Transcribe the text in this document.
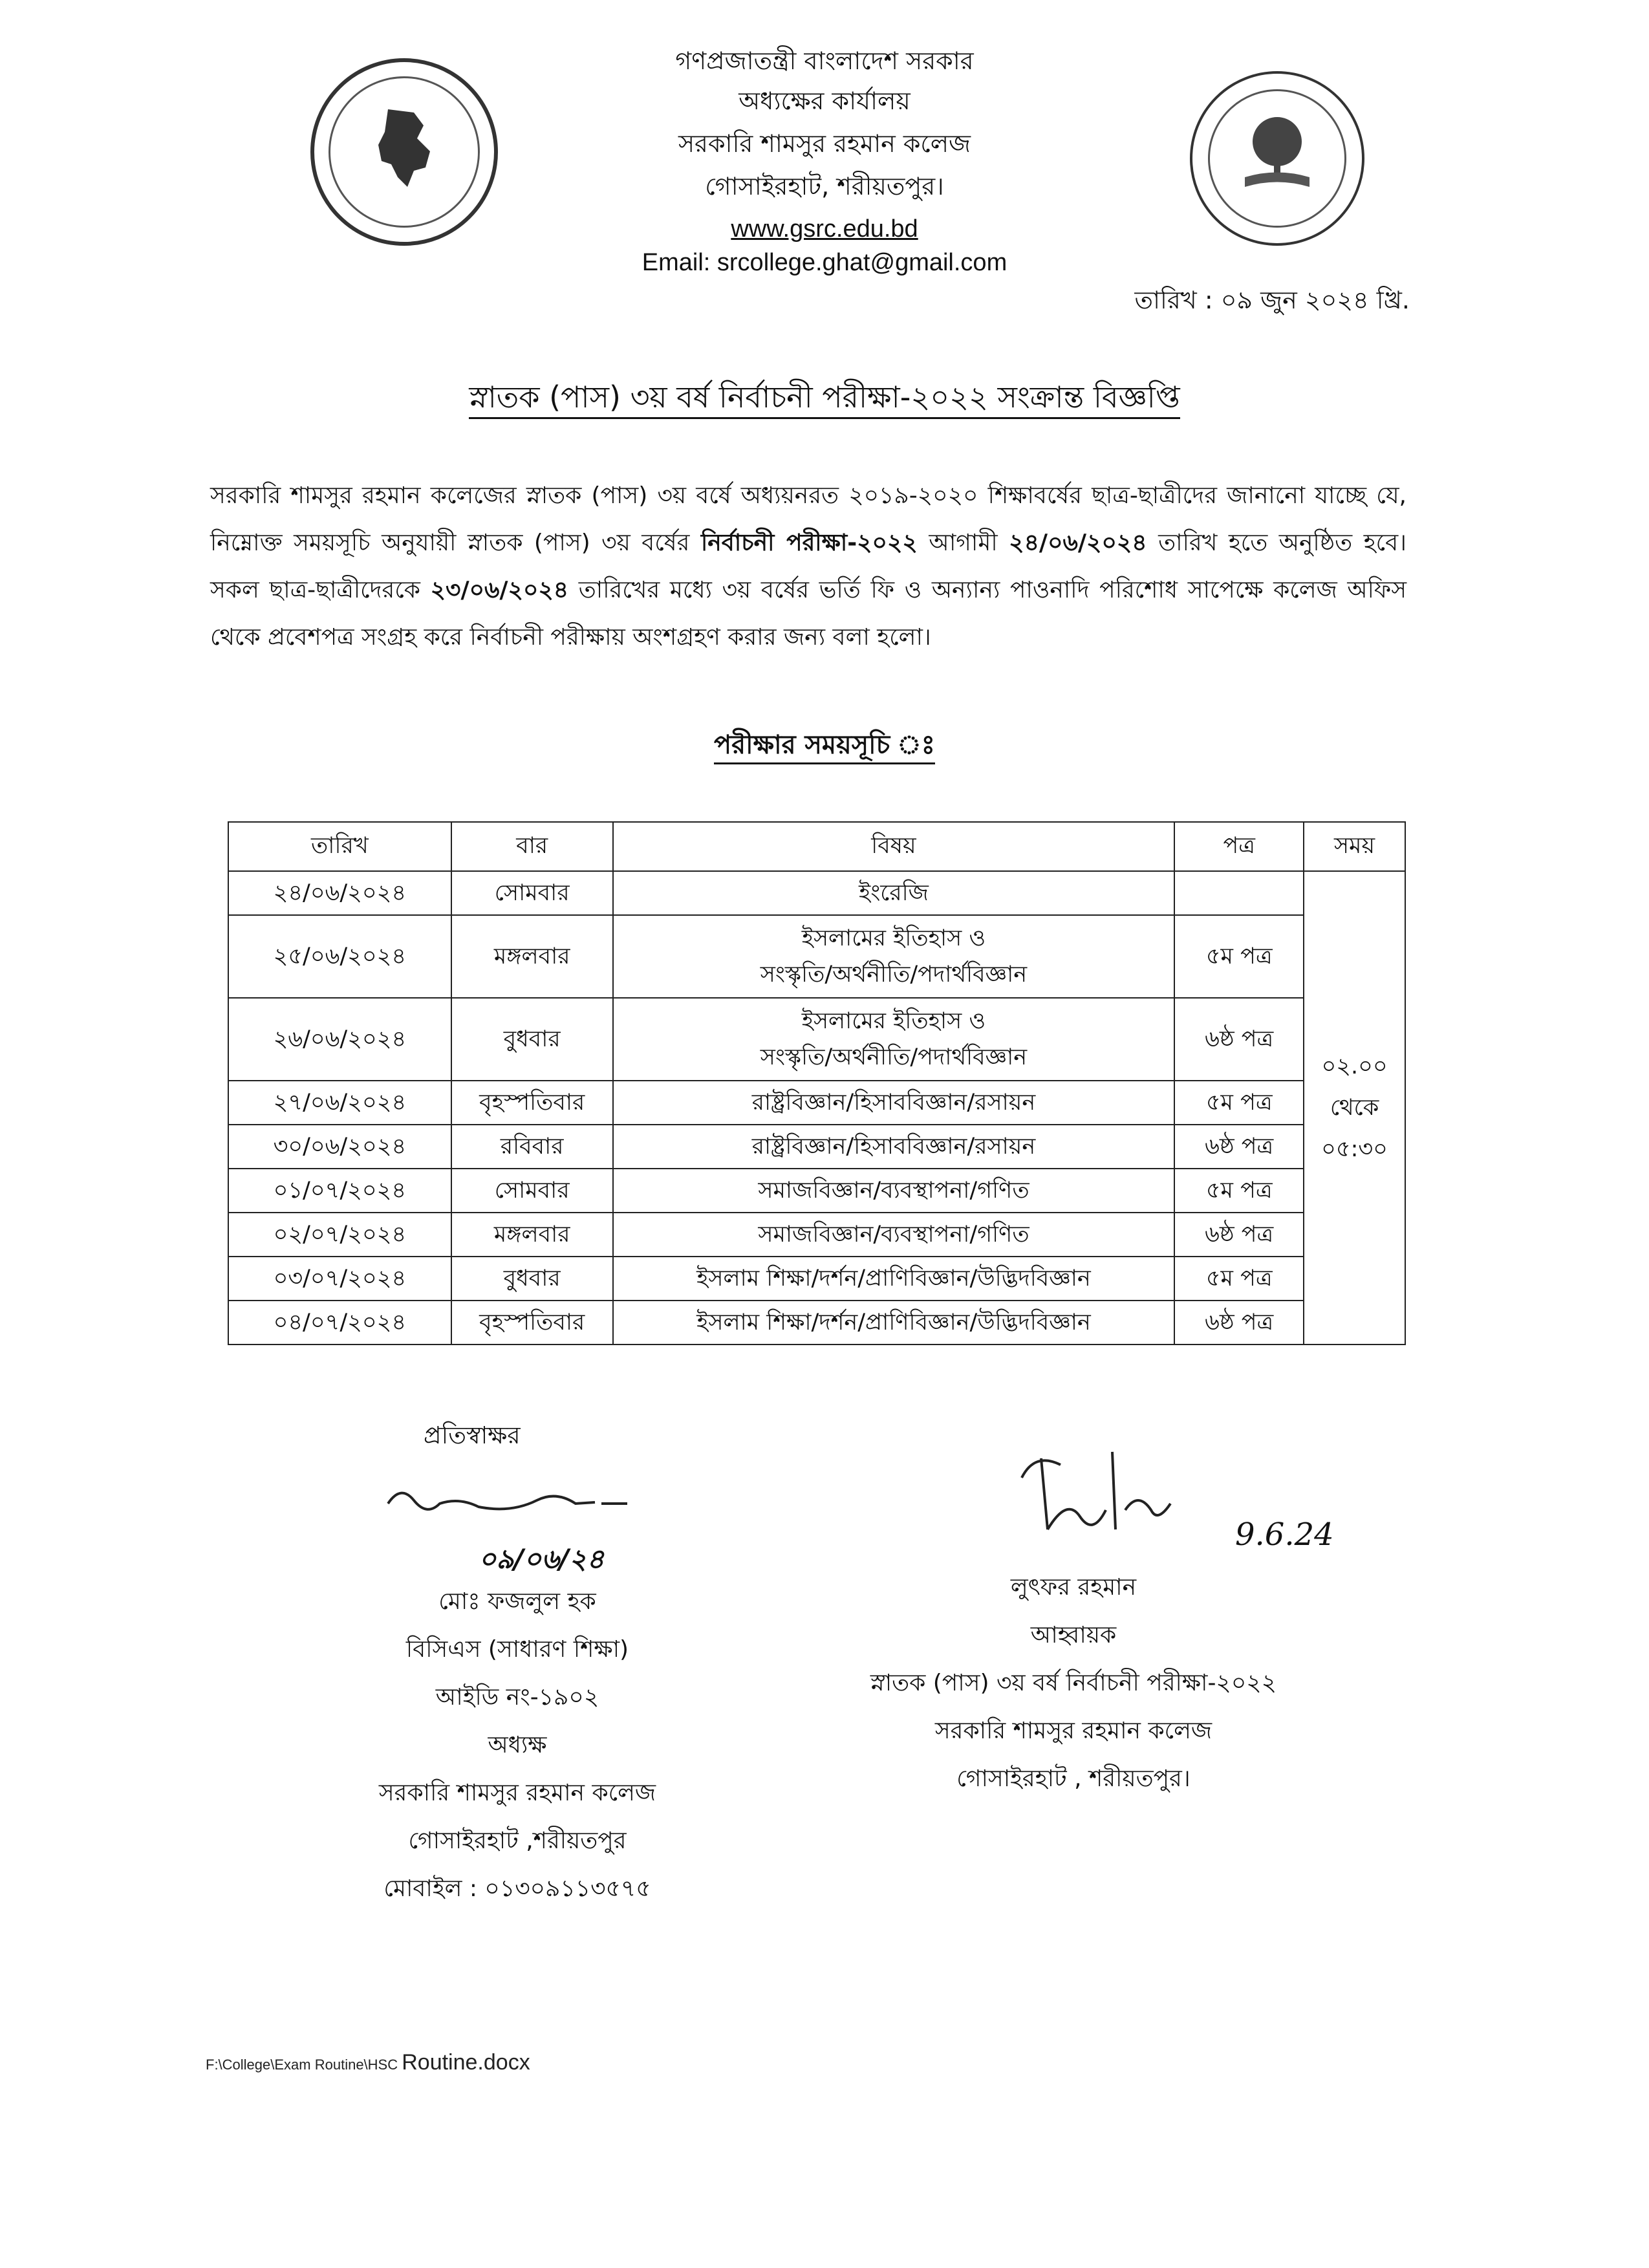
গণপ্রজাতন্ত্রী বাংলাদেশ সরকার
অধ্যক্ষের কার্যালয়
সরকারি শামসুর রহমান কলেজ
গোসাইরহাট, শরীয়তপুর।
www.gsrc.edu.bd
Email: srcollege.ghat@gmail.com
তারিখ : ০৯ জুন ২০২৪ খ্রি.
স্নাতক (পাস) ৩য় বর্ষ নির্বাচনী পরীক্ষা-২০২২ সংক্রান্ত বিজ্ঞপ্তি
সরকারি শামসুর রহমান কলেজের স্নাতক (পাস) ৩য় বর্ষে অধ্যয়নরত ২০১৯-২০২০ শিক্ষাবর্ষের ছাত্র-ছাত্রীদের জানানো যাচ্ছে যে, নিম্নোক্ত সময়সূচি অনুযায়ী স্নাতক (পাস) ৩য় বর্ষের নির্বাচনী পরীক্ষা-২০২২ আগামী ২৪/০৬/২০২৪ তারিখ হতে অনুষ্ঠিত হবে। সকল ছাত্র-ছাত্রীদেরকে ২৩/০৬/২০২৪ তারিখের মধ্যে ৩য় বর্ষের ভর্তি ফি ও অন্যান্য পাওনাদি পরিশোধ সাপেক্ষে কলেজ অফিস থেকে প্রবেশপত্র সংগ্রহ করে নির্বাচনী পরীক্ষায় অংশগ্রহণ করার জন্য বলা হলো।
পরীক্ষার সময়সূচি ঃ
তারিখ	বার	বিষয়	পত্র	সময়
২৪/০৬/২০২৪	সোমবার	ইংরেজি		০২.০০
থেকে
০৫:৩০

২৫/০৬/২০২৪	মঙ্গলবার	ইসলামের ইতিহাস ও
সংস্কৃতি/অর্থনীতি/পদার্থবিজ্ঞান	৫ম পত্র	
২৬/০৬/২০২৪	বুধবার	ইসলামের ইতিহাস ও
সংস্কৃতি/অর্থনীতি/পদার্থবিজ্ঞান	৬ষ্ঠ পত্র	
২৭/০৬/২০২৪	বৃহস্পতিবার	রাষ্ট্রবিজ্ঞান/হিসাববিজ্ঞান/রসায়ন	৫ম পত্র	
৩০/০৬/২০২৪	রবিবার	রাষ্ট্রবিজ্ঞান/হিসাববিজ্ঞান/রসায়ন	৬ষ্ঠ পত্র	
০১/০৭/২০২৪	সোমবার	সমাজবিজ্ঞান/ব্যবস্থাপনা/গণিত	৫ম পত্র	
০২/০৭/২০২৪	মঙ্গলবার	সমাজবিজ্ঞান/ব্যবস্থাপনা/গণিত	৬ষ্ঠ পত্র	
০৩/০৭/২০২৪	বুধবার	ইসলাম শিক্ষা/দর্শন/প্রাণিবিজ্ঞান/উদ্ভিদবিজ্ঞান	৫ম পত্র	
০৪/০৭/২০২৪	বৃহস্পতিবার	ইসলাম শিক্ষা/দর্শন/প্রাণিবিজ্ঞান/উদ্ভিদবিজ্ঞান	৬ষ্ঠ পত্র	
প্রতিস্বাক্ষর
০৯/০৬/২৪
মোঃ ফজলুল হক
বিসিএস (সাধারণ শিক্ষা)
আইডি নং-১৯০২
অধ্যক্ষ
সরকারি শামসুর রহমান কলেজ
গোসাইরহাট ,শরীয়তপুর
মোবাইল : ০১৩০৯১১৩৫৭৫
9.6.24
লুৎফর রহমান
আহ্বায়ক
স্নাতক (পাস) ৩য় বর্ষ নির্বাচনী পরীক্ষা-২০২২
সরকারি শামসুর রহমান কলেজ
গোসাইরহাট , শরীয়তপুর।
F:\College\Exam Routine\HSC Routine.docx
